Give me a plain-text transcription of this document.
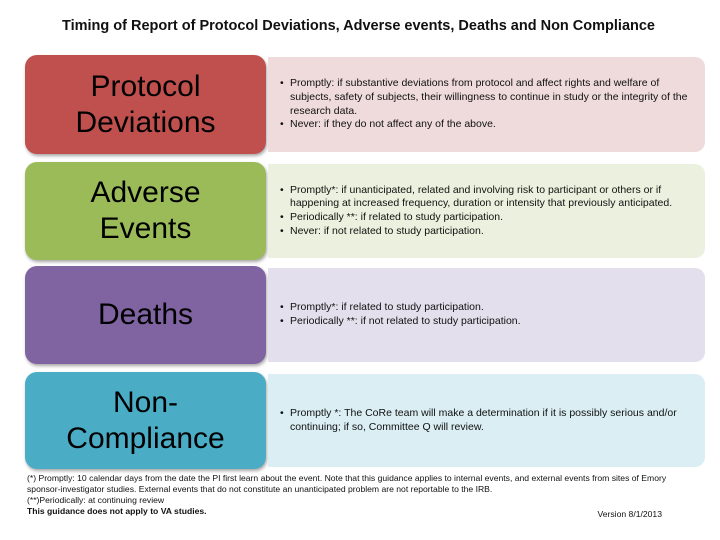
Timing of Report of Protocol Deviations, Adverse events, Deaths and Non Compliance
Protocol
Deviations
• Promptly: if substantive deviations from protocol and affect rights and welfare of subjects, safety of subjects, their willingness to continue in study or the integrity of the research data.
• Never: if they do not affect any of the above.
Adverse
Events
• Promptly*: if unanticipated, related and involving risk to participant or others or if happening at increased frequency, duration or intensity that previously anticipated.
• Periodically **: if related to study participation.
• Never: if not related to study participation.
Deaths
•	Promptly*: if related to study participation.
• Periodically **: if not related to study participation.
Non-
Compliance
• Promptly *: The CoRe team will make a determination if it is possibly serious and/or continuing; if so, Committee Q will review.
(*) Promptly: 10 calendar days from the date the PI first learn about the event. Note that this guidance applies to internal events, and external events from sites of Emory sponsor-investigator studies. External events that do not constitute an unanticipated problem are not reportable to the IRB.
(**)Periodically: at continuing review
This guidance does not apply to VA studies.	Version 8/1/2013
